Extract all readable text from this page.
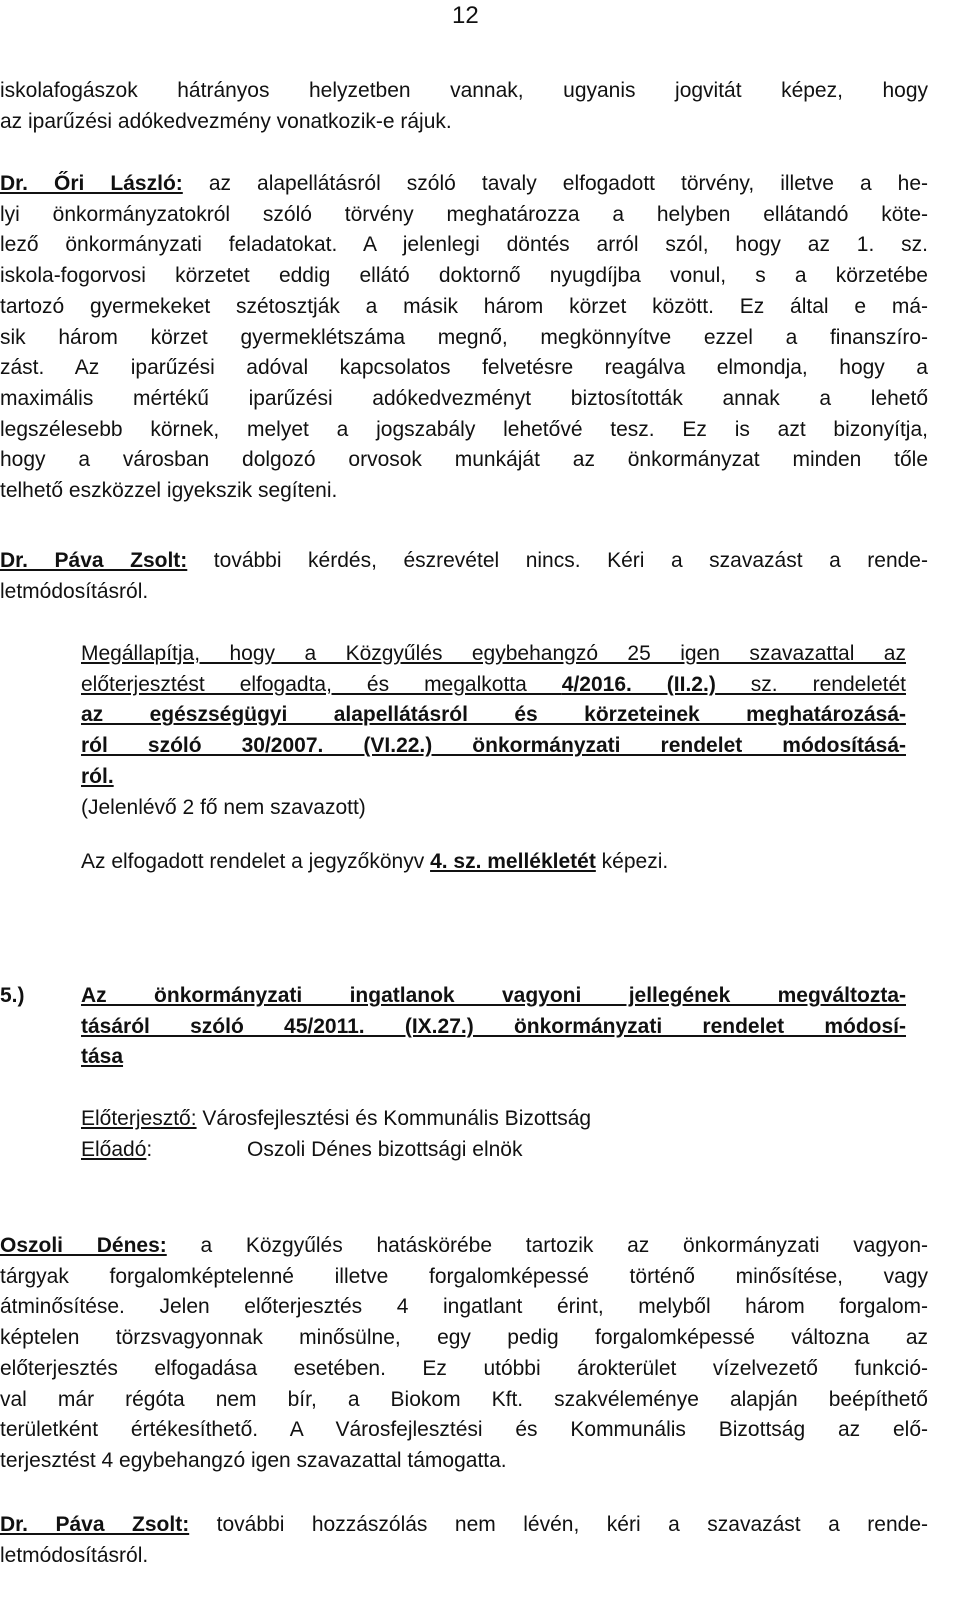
12
iskolafogászok hátrányos helyzetben vannak, ugyanis jogvitát képez, hogy
az iparűzési adókedvezmény vonatkozik-e rájuk.
Dr. Őri László: az alapellátásról szóló tavaly elfogadott törvény, illetve a he-
lyi önkormányzatokról szóló törvény meghatározza a helyben ellátandó köte-
lező önkormányzati feladatokat. A jelenlegi döntés arról szól, hogy az 1. sz.
iskola-fogorvosi körzetet eddig ellátó doktornő nyugdíjba vonul, s a körzetébe
tartozó gyermekeket szétosztják a másik három körzet között. Ez által e má-
sik három körzet gyermeklétszáma megnő, megkönnyítve ezzel a finanszíro-
zást. Az iparűzési adóval kapcsolatos felvetésre reagálva elmondja, hogy a
maximális mértékű iparűzési adókedvezményt biztosították annak a lehető
legszélesebb körnek, melyet a jogszabály lehetővé tesz. Ez is azt bizonyítja,
hogy a városban dolgozó orvosok munkáját az önkormányzat minden tőle
telhető eszközzel igyekszik segíteni.
Dr. Páva Zsolt: további kérdés, észrevétel nincs. Kéri a szavazást a rende-
letmódosításról.
Megállapítja, hogy a Közgyűlés egybehangzó 25 igen szavazattal az
előterjesztést elfogadta, és megalkotta 4/2016. (II.2.) sz. rendeletét
az egészségügyi alapellátásról és körzeteinek meghatározásá-
ról szóló 30/2007. (VI.22.) önkormányzati rendelet módosításá-
ról.
(Jelenlévő 2 fő nem szavazott)
Az elfogadott rendelet a jegyzőkönyv 4. sz. mellékletét képezi.
5.)	Az önkormányzati ingatlanok vagyoni jellegének megváltozta-
tásáról szóló 45/2011. (IX.27.) önkormányzati rendelet módosí-
tása
Előterjesztő: Városfejlesztési és Kommunális Bizottság
Előadó:	Oszoli Dénes bizottsági elnök
Oszoli Dénes: a Közgyűlés hatáskörébe tartozik az önkormányzati vagyon-
tárgyak forgalomképtelenné illetve forgalomképessé történő minősítése, vagy
átminősítése. Jelen előterjesztés 4 ingatlant érint, melyből három forgalom-
képtelen törzsvagyonnak minősülne, egy pedig forgalomképessé változna az
előterjesztés elfogadása esetében. Ez utóbbi árokterület vízelvezető funkció-
val már régóta nem bír, a Biokom Kft. szakvéleménye alapján beépíthető
területként értékesíthető. A Városfejlesztési és Kommunális Bizottság az elő-
terjesztést 4 egybehangzó igen szavazattal támogatta.
Dr. Páva Zsolt: további hozzászólás nem lévén, kéri a szavazást a rende-
letmódosításról.
